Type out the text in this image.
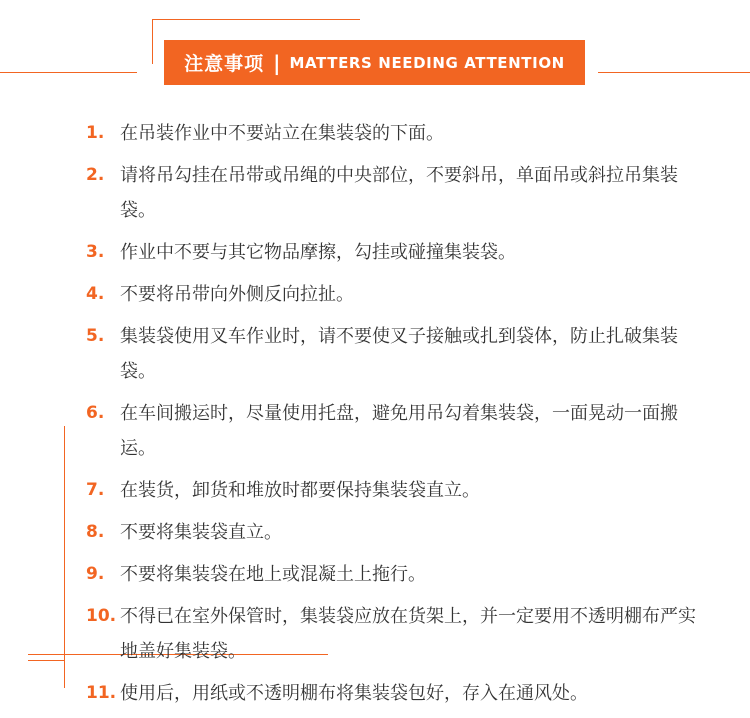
注意事项 | MATTERS NEEDING ATTENTION
1. 在吊装作业中不要站立在集装袋的下面。
2. 请将吊勾挂在吊带或吊绳的中央部位，不要斜吊，单面吊或斜拉吊集装袋。
3. 作业中不要与其它物品摩擦，勾挂或碰撞集装袋。
4. 不要将吊带向外侧反向拉扯。
5. 集装袋使用叉车作业时，请不要使叉子接触或扎到袋体，防止扎破集装袋。
6. 在车间搬运时，尽量使用托盘，避免用吊勾着集装袋，一面晃动一面搬运。
7. 在装货，卸货和堆放时都要保持集装袋直立。
8. 不要将集装袋直立。
9. 不要将集装袋在地上或混凝土上拖行。
10. 不得已在室外保管时，集装袋应放在货架上，并一定要用不透明棚布严实地盖好集装袋。
11. 使用后，用纸或不透明棚布将集装袋包好，存入在通风处。
